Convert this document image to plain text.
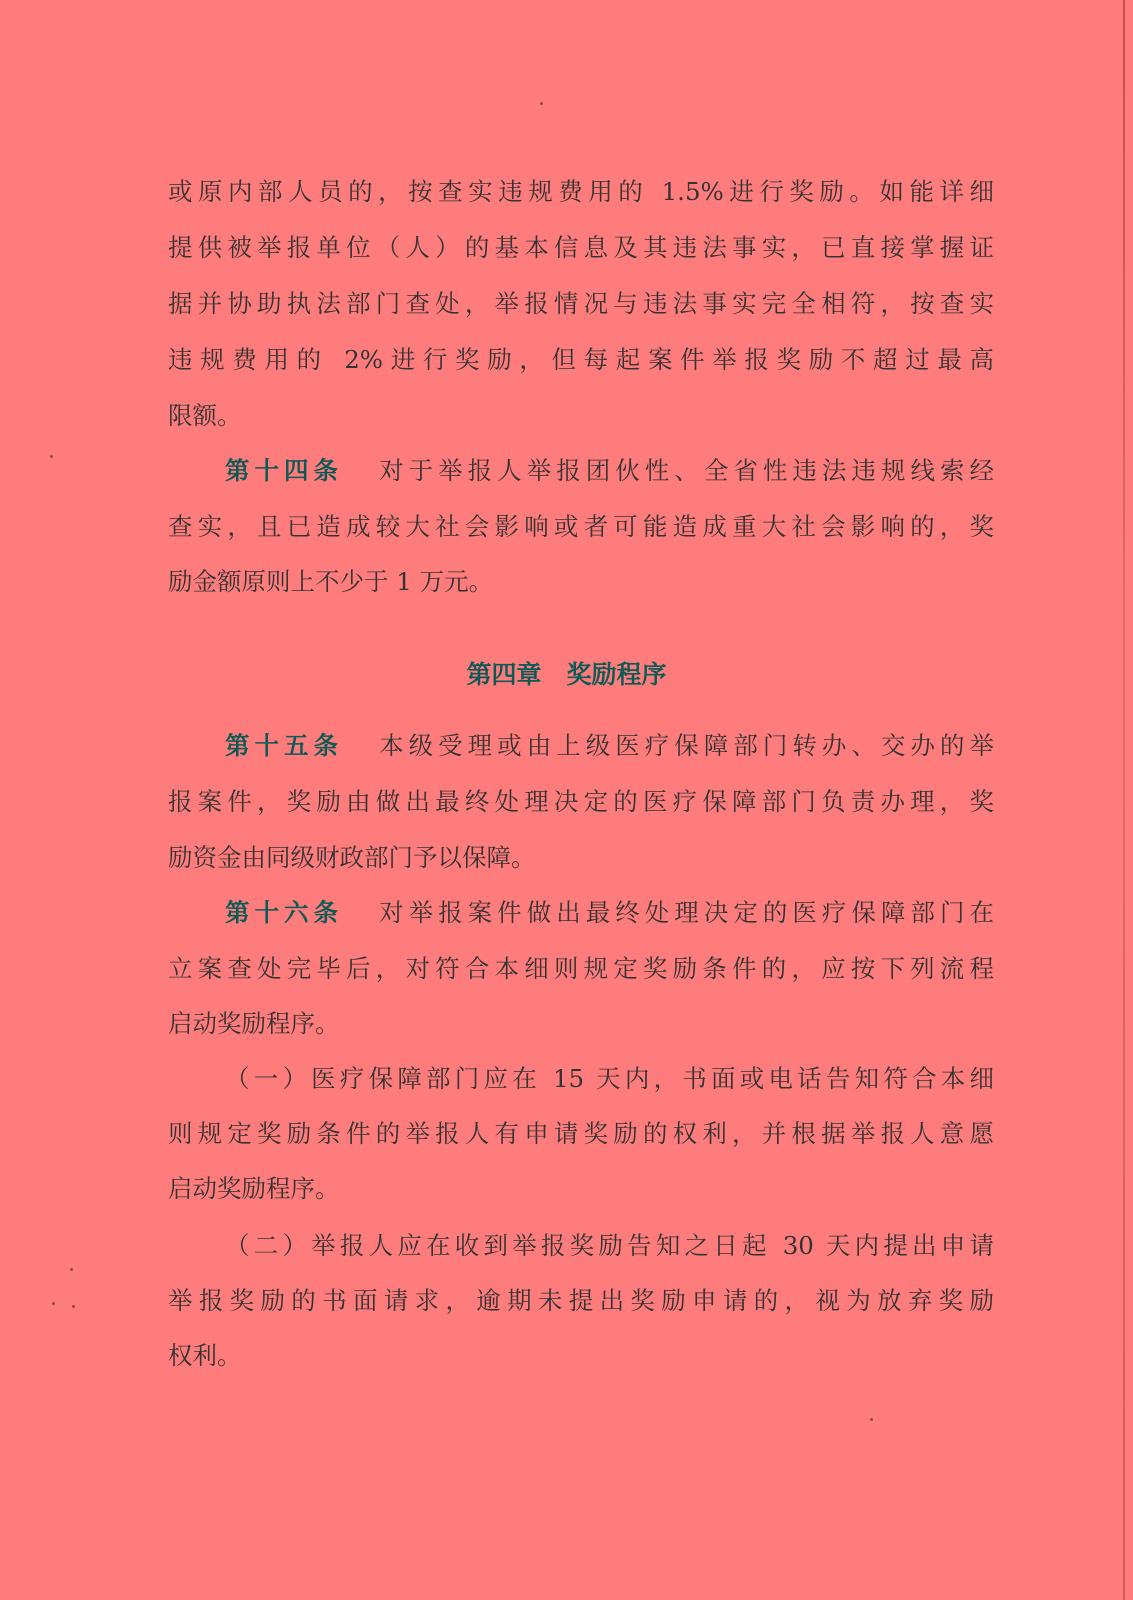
或原内部人员的，按查实违规费用的 1.5%进行奖励。如能详细
提供被举报单位（人）的基本信息及其违法事实，已直接掌握证
据并协助执法部门查处，举报情况与违法事实完全相符，按查实
违规费用的 2%进行奖励，但每起案件举报奖励不超过最高
限额。
第十四条 对于举报人举报团伙性、全省性违法违规线索经
查实，且已造成较大社会影响或者可能造成重大社会影响的，奖
励金额原则上不少于 1 万元。
第四章　奖励程序
第十五条 本级受理或由上级医疗保障部门转办、交办的举
报案件，奖励由做出最终处理决定的医疗保障部门负责办理，奖
励资金由同级财政部门予以保障。
第十六条 对举报案件做出最终处理决定的医疗保障部门在
立案查处完毕后，对符合本细则规定奖励条件的，应按下列流程
启动奖励程序。
（一）医疗保障部门应在 15 天内，书面或电话告知符合本细
则规定奖励条件的举报人有申请奖励的权利，并根据举报人意愿
启动奖励程序。
（二）举报人应在收到举报奖励告知之日起 30 天内提出申请
举报奖励的书面请求，逾期未提出奖励申请的，视为放弃奖励
权利。
